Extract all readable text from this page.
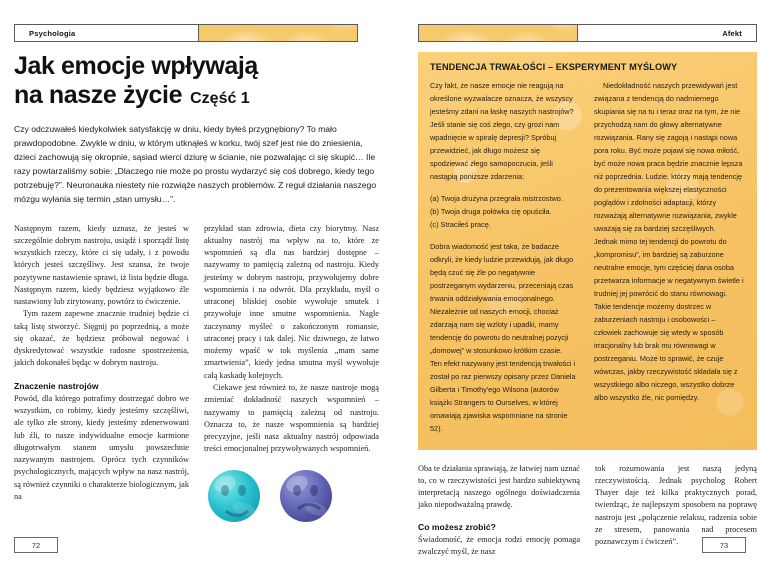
Psychologia
Jak emocje wpływają
na nasze życie Część 1

Czy odczuwałeś kiedykolwiek satysfakcję w dniu, kiedy byłeś przygnębiony? To mało prawdopodobne. Zwykle w dniu, w którym utknąłeś w korku, twój szef jest nie do zniesienia, dzieci zachowują się okropnie, sąsiad wierci dziurę w ścianie, nie pozwalając ci się skupić… Ile razy powtarzaliśmy sobie: „Dlaczego nie może po prostu wydarzyć się coś dobrego, kiedy tego potrzebuję?”. Neuronauka niestety nie rozwiąże naszych problemów. Z reguł działania naszego mózgu wyłania się termin „stan umysłu…”.

Następnym razem, kiedy uznasz, że jesteś w szczególnie dobrym nastroju, usiądź i sporządź listę wszystkich rzeczy, które ci się udały, i z powodu których jesteś szczęśliwy. Jest szansa, że twoje pozytywne nastawienie sprawi, iż lista będzie długa. Następnym razem, kiedy będziesz wyjątkowo źle nastawiony lub zirytowany, powtórz to ćwiczenie.

Tym razem zapewne znacznie trudniej będzie ci taką listę stworzyć. Sięgnij po poprzednią, a może się okazać, że będziesz próbował negować i dyskredytować wszystkie radosne spostrzeżenia, jakich dokonałeś będąc w dobrym nastroju.

Znaczenie nastrojów

Powód, dla którego potrafimy dostrzegać dobro we wszystkim, co robimy, kiedy jesteśmy szczęśliwi, ale tylko złe strony, kiedy jesteśmy zdenerwowani lub źli, to nasze indywidualne emocje karmione długotrwałym stanem umysłu powszechnie nazywanym nastrojem. Oprócz tych czynników psychologicznych, mających wpływ na nasz nastrój, są również czynniki o charakterze biologicznym, jak na

przykład stan zdrowia, dieta czy biorytmy. Nasz aktualny nastrój ma wpływ na to, które ze wspomnień są dla nas bardziej dostępne – nazywamy to pamięcią zależną od nastroju. Kiedy jesteśmy w dobrym nastroju, przywołujemy dobre wspomnienia i na odwrót. Dla przykładu, myśl o utraconej bliskiej osobie wywołuje smutek i przywołuje inne smutne wspomnienia. Nagle zaczynamy myśleć o zakończonym romansie, utraconej pracy i tak dalej. Nic dziwnego, że łatwo możemy wpaść w tok myślenia „mam same zmartwienia”, kiedy jedna smutna myśl wywołuje całą kaskadę kolejnych.

Ciekawe jest również to, że nasze nastroje mogą zmieniać dokładność naszych wspomnień – nazywamy to pamięcią zależną od nastroju. Oznacza to, że nasze wspomnienia są bardziej precyzyjne, jeśli nasz aktualny nastrój odpowiada treści emocjonalnej przywoływanych wspomnień.

72
Afekt
TENDENCJA TRWAŁOŚCI – EKSPERYMENT MYŚLOWY

Czy fakt, że nasze emocje nie reagują na określone wyzwalacze oznacza, że wszyscy jesteśmy zdani na łaskę naszych nastrojów? Jeśli stanie się coś złego, czy grozi nam wpadnięcie w spiralę depresji? Spróbuj przewidzieć, jak długo możesz się spodziewać złego samopoczucia, jeśli nastąpią poniższe zdarzenia:

(a) Twoja drużyna przegrała mistrzostwo.
(b) Twoja druga połówka cię opuściła.
(c) Straciłeś pracę.

Dobra wiadomość jest taka, że badacze odkryli, że kiedy ludzie przewidują, jak długo będą czuć się źle po negatywnie postrzeganym wydarzeniu, przeceniają czas trwania oddziaływania emocjonalnego. Niezależnie od naszych emocji, chociaż zdarzają nam się wzloty i upadki, mamy tendencję do powrotu do neutralnej pozycji „domowej” w stosunkowo krótkim czasie.

Ten efekt nazywany jest tendencją trwałości i został po raz pierwszy opisany przez Daniela Gilberta i Timothy'ego Wilsona (autorów książki Strangers to Ourselves, w której omawiają zjawiska wspomniane na stronie 52).

Niedokładność naszych przewidywań jest związana z tendencją do nadmiernego skupiania się na tu i teraz oraz na tym, że nie przychodzą nam do głowy alternatywne rozwiązania. Rany się zagoją i nastąpi nowa pora roku. Być może pojawi się nowa miłość, być może nowa praca będzie znacznie lepsza niż poprzednia. Ludzie, którzy mają tendencję do prezentowania większej elastyczności poglądów i zdolności adaptacji, którzy rozważają alternatywne rozwiązania, zwykle uważają się za bardziej szczęśliwych.

Jednak mimo tej tendencji do powrotu do „kompromisu”, im bardziej są zaburzone neutralne emocje, tym częściej dana osoba przetwarza informacje w negatywnym świetle i trudniej jej powrócić do stanu równowagi. Takie tendencje możemy dostrzec w zaburzeniach nastroju i osobowości – człowiek zachowuje się wtedy w sposób irracjonalny lub brak mu równowagi w postrzeganiu. Może to sprawić, że czuje wówczas, jakby rzeczywistość składała się z wszystkiego albo niczego, wszystko dobrze albo wszystko źle, nic pomiędzy.

Oba te działania sprawiają, że łatwiej nam uznać to, co w rzeczywistości jest bardzo subiektywną interpretacją naszego ogólnego doświadczenia jako niepodważalną prawdę.

Co możesz zrobić?

Świadomość, że emocja rodzi emocję pomaga zwalczyć myśl, że nasz

tok rozumowania jest naszą jedyną rzeczywistością. Jednak psycholog Robert Thayer daje też kilka praktycznych porad, twierdząc, że najlepszym sposobem na poprawę nastroju jest „połączenie relaksu, radzenia sobie ze stresem, panowania nad procesem poznawczym i ćwiczeń”.	73
